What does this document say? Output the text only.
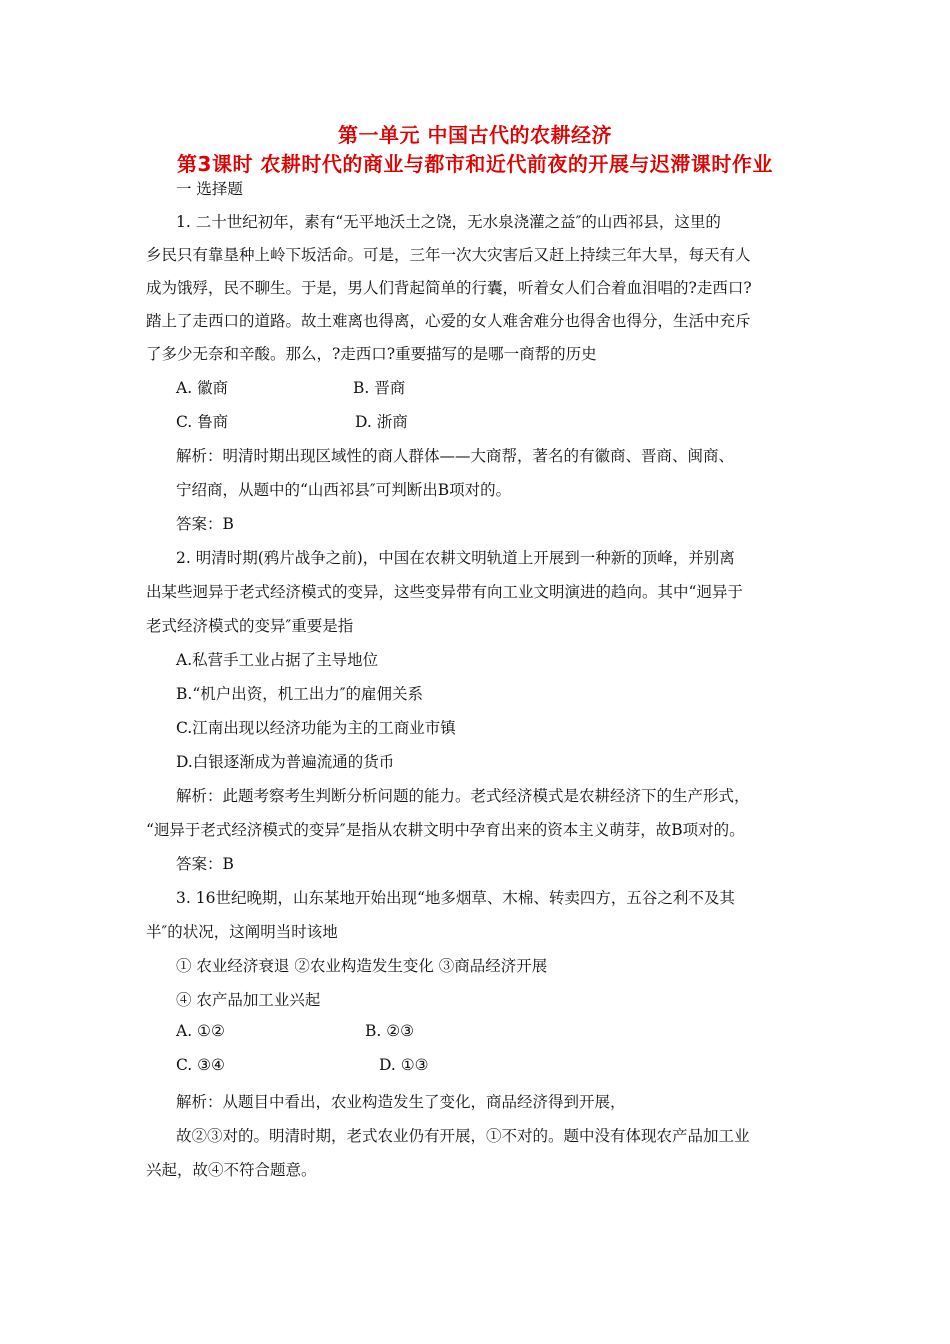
第一单元 中国古代的农耕经济
第3课时 农耕时代的商业与都市和近代前夜的开展与迟滞课时作业
一 选择题
1. 二十世纪初年，素有“无平地沃土之饶，无水泉浇灌之益″的山西祁县，这里的
乡民只有靠垦种上岭下坂活命。可是，三年一次大灾害后又赶上持续三年大旱，每天有人
成为饿殍，民不聊生。于是，男人们背起简单的行囊，听着女人们合着血泪唱的?走西口?
踏上了走西口的道路。故土难离也得离，心爱的女人难舍难分也得舍也得分，生活中充斥
了多少无奈和辛酸。那么，?走西口?重要描写的是哪一商帮的历史
A. 徽商	B. 晋商
C. 鲁商	D. 浙商
解析：明清时期出现区域性的商人群体——大商帮，著名的有徽商、晋商、闽商、
宁绍商，从题中的“山西祁县″可判断出B项对的。
答案：B
2. 明清时期(鸦片战争之前)，中国在农耕文明轨道上开展到一种新的顶峰，并别离
出某些迥异于老式经济模式的变异，这些变异带有向工业文明演进的趋向。其中“迥异于
老式经济模式的变异″重要是指
A.私营手工业占据了主导地位
B.“机户出资，机工出力″的雇佣关系
C.江南出现以经济功能为主的工商业市镇
D.白银逐渐成为普遍流通的货币
解析：此题考察考生判断分析问题的能力。老式经济模式是农耕经济下的生产形式，
“迥异于老式经济模式的变异″是指从农耕文明中孕育出来的资本主义萌芽，故B项对的。
答案：B
3. 16世纪晚期，山东某地开始出现“地多烟草、木棉、转卖四方，五谷之利不及其
半″的状况，这阐明当时该地
① 农业经济衰退 ②农业构造发生变化 ③商品经济开展
④ 农产品加工业兴起
A. ①②	B. ②③
C. ③④	D. ①③
解析：从题目中看出，农业构造发生了变化，商品经济得到开展，
故②③对的。明清时期，老式农业仍有开展，①不对的。题中没有体现农产品加工业
兴起，故④不符合题意。
